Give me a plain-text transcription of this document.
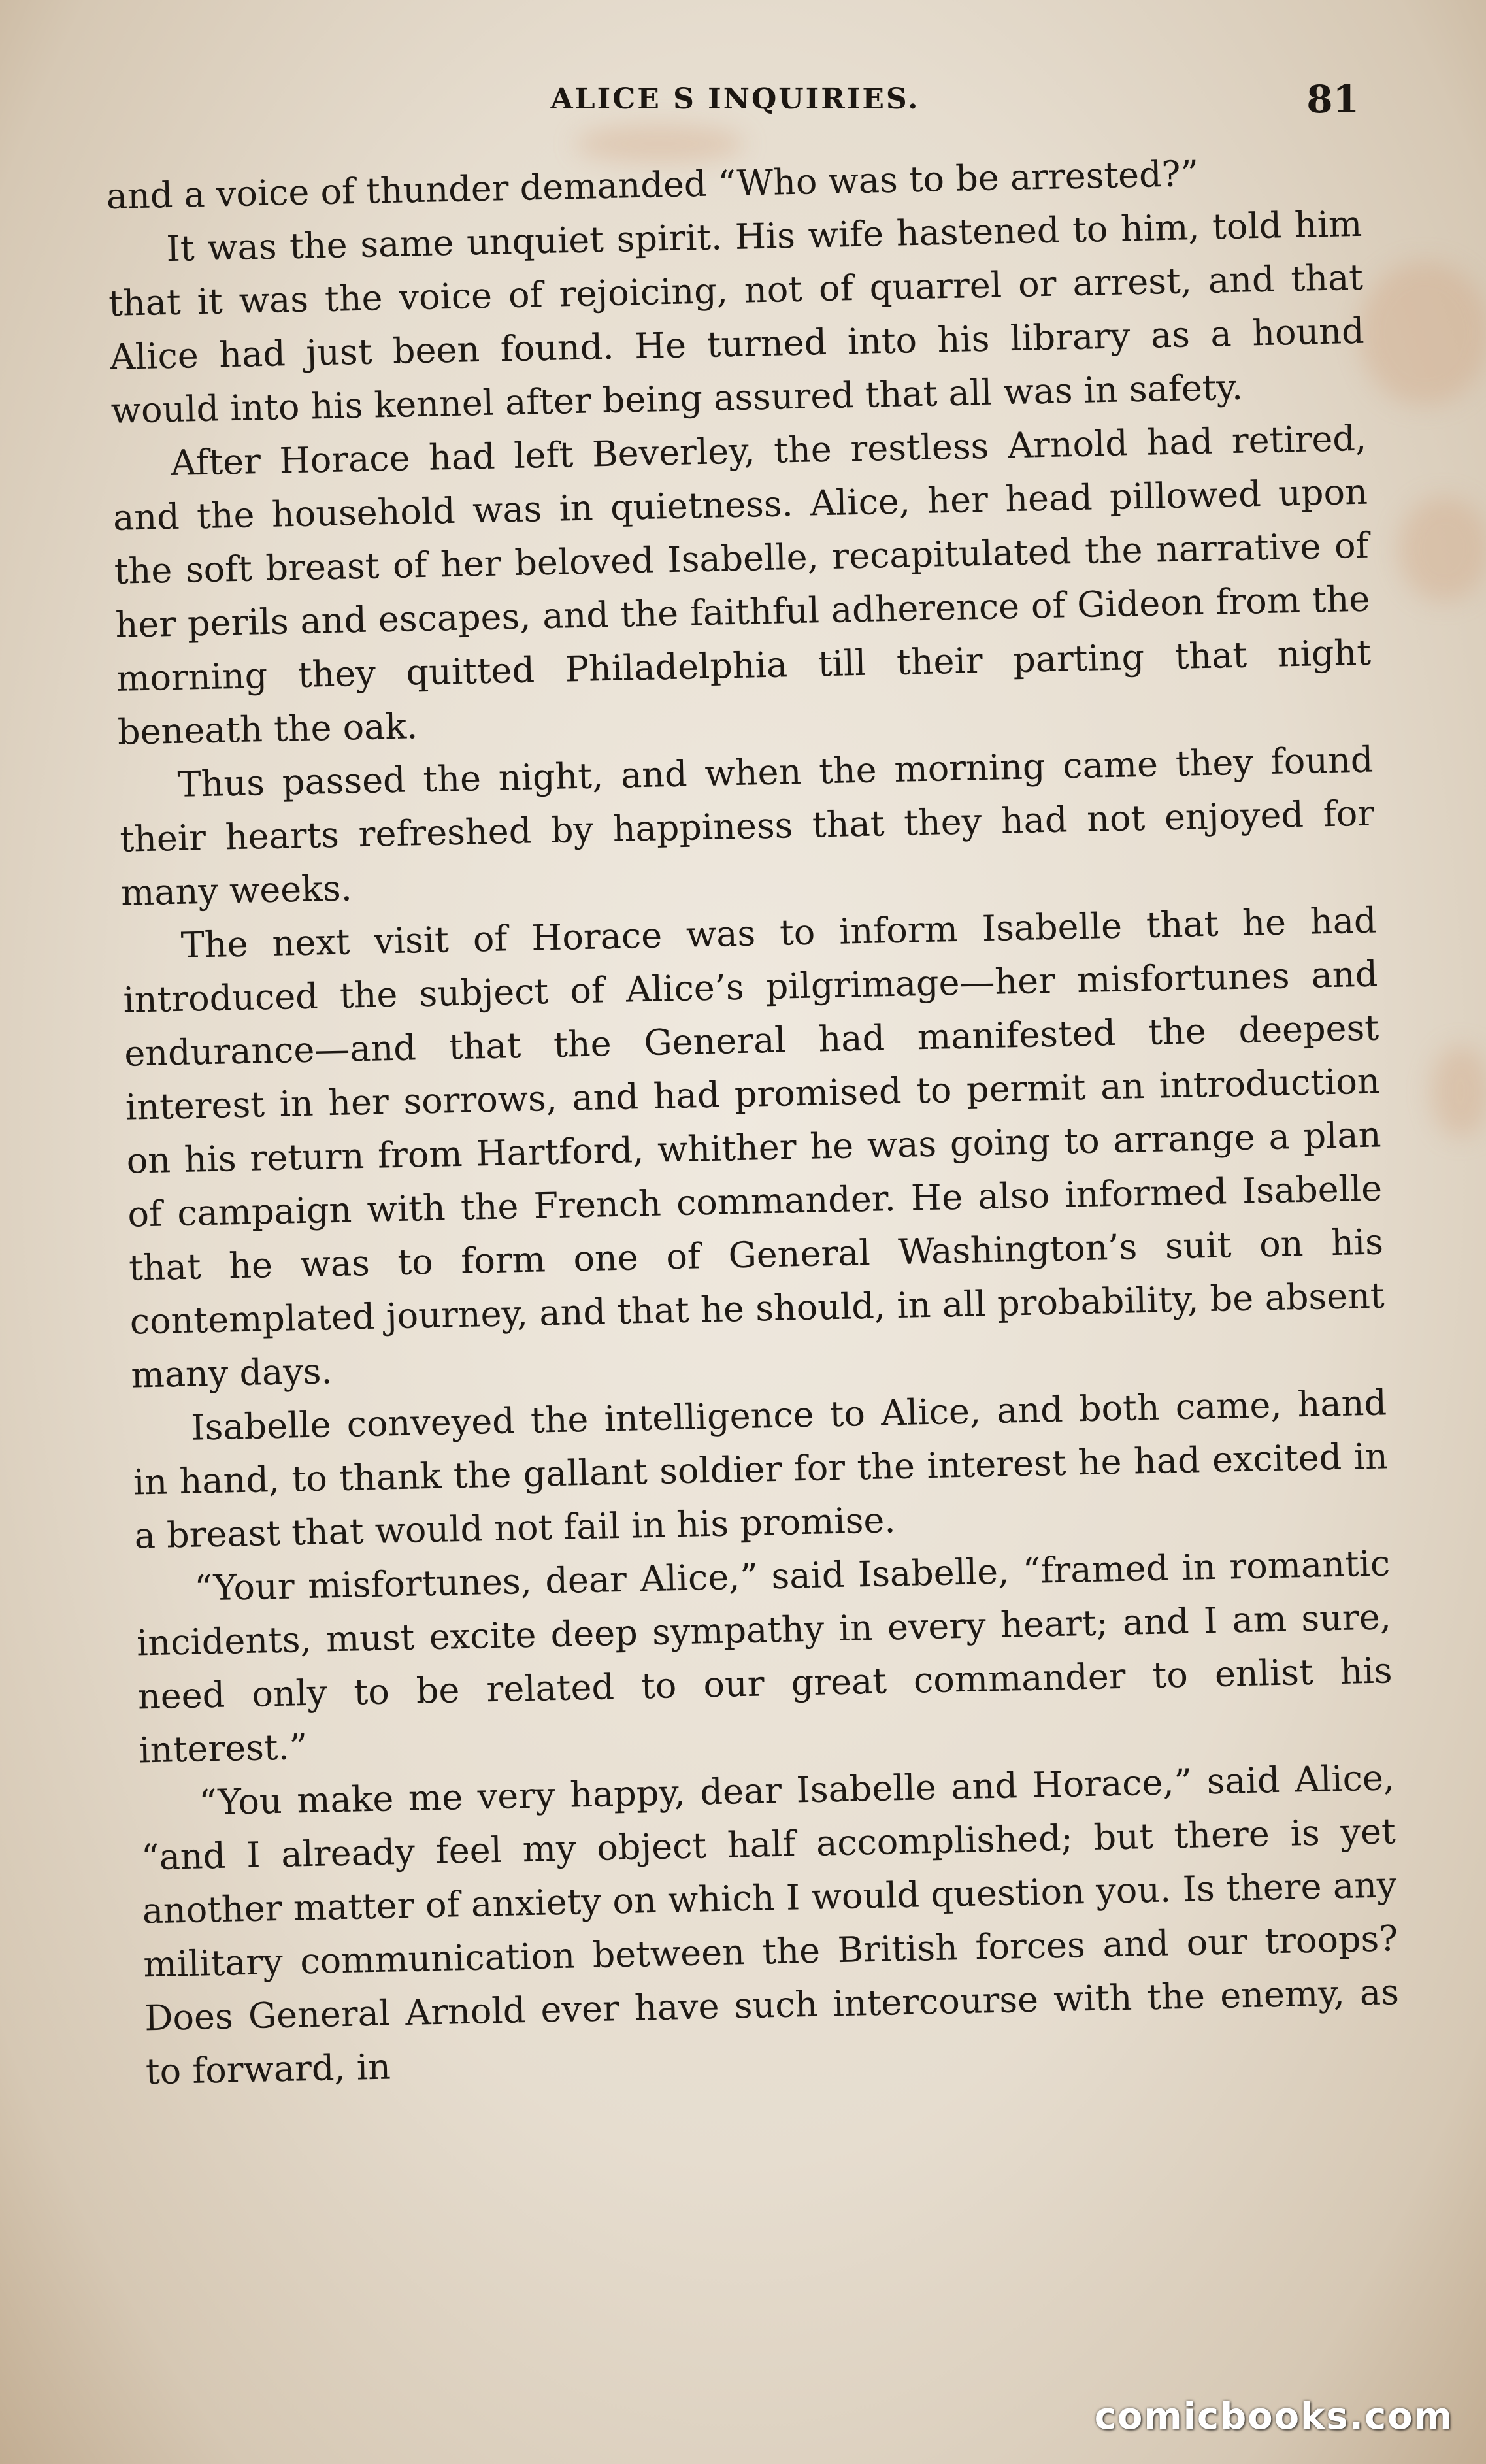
ALICE S INQUIRIES.	81

and a voice of thunder demanded “Who was to be arrested?”

It was the same unquiet spirit. His wife hastened to him, told him that it was the voice of rejoicing, not of quarrel or arrest, and that Alice had just been found. He turned into his library as a hound would into his kennel after being assured that all was in safety.

After Horace had left Beverley, the restless Arnold had retired, and the household was in quietness. Alice, her head pillowed upon the soft breast of her beloved Isabelle, recapitulated the narrative of her perils and escapes, and the faithful adherence of Gideon from the morning they quitted Philadelphia till their parting that night beneath the oak.

Thus passed the night, and when the morning came they found their hearts refreshed by happiness that they had not enjoyed for many weeks.

The next visit of Horace was to inform Isabelle that he had introduced the subject of Alice’s pilgrimage—her misfortunes and endurance—and that the General had manifested the deepest interest in her sorrows, and had promised to permit an introduction on his return from Hartford, whither he was going to arrange a plan of campaign with the French commander. He also informed Isabelle that he was to form one of General Washington’s suit on his contemplated journey, and that he should, in all probability, be absent many days.

Isabelle conveyed the intelligence to Alice, and both came, hand in hand, to thank the gallant soldier for the interest he had excited in a breast that would not fail in his promise.

“Your misfortunes, dear Alice,” said Isabelle, “framed in romantic incidents, must excite deep sympathy in every heart; and I am sure, need only to be related to our great commander to enlist his interest.”

“You make me very happy, dear Isabelle and Horace,” said Alice, “and I already feel my object half accomplished; but there is yet another matter of anxiety on which I would question you. Is there any military communication between the British forces and our troops? Does General Arnold ever have such intercourse with the enemy, as to forward, in

comicbooks.com
